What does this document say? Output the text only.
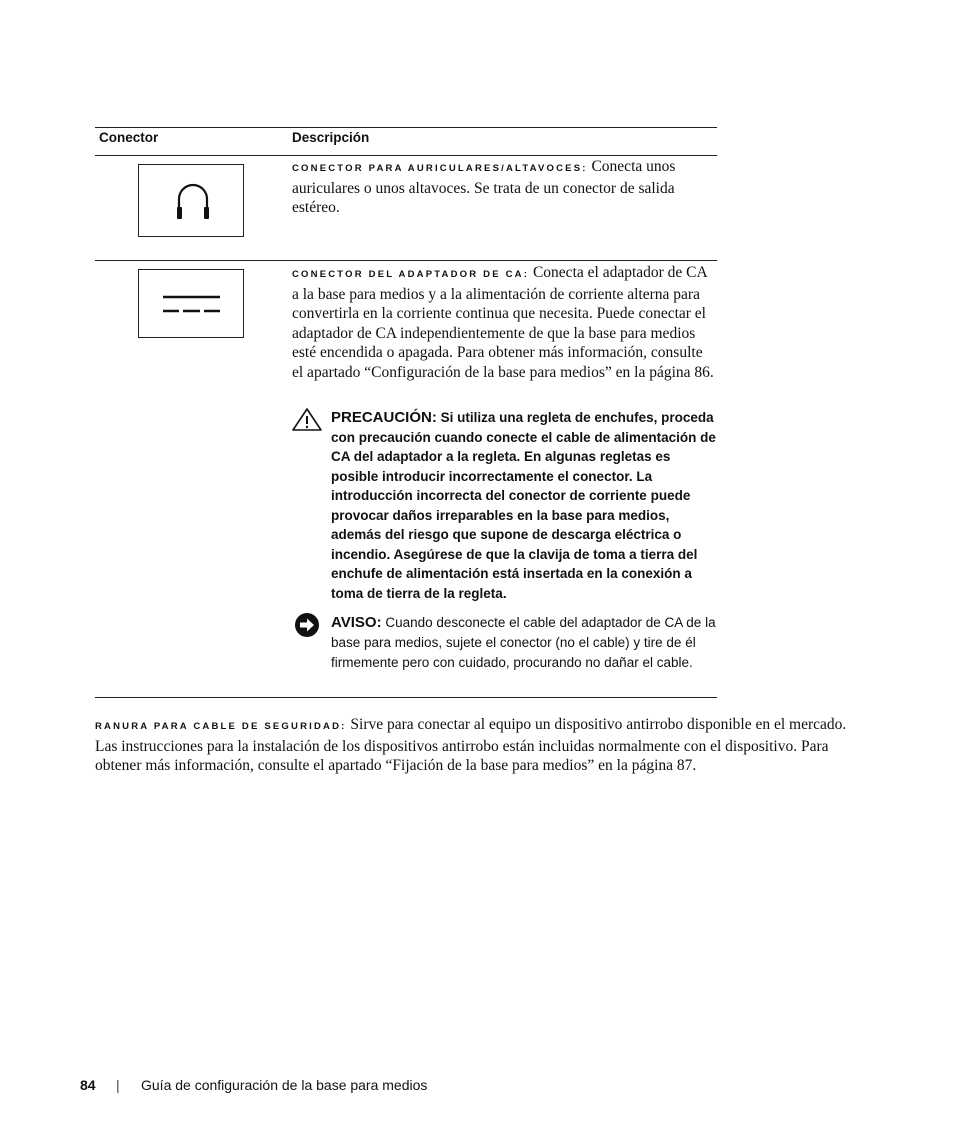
Conector	Descripción
CONECTOR PARA AURICULARES/ALTAVOCES: Conecta unos auriculares o unos altavoces. Se trata de un conector de salida estéreo.
CONECTOR DEL ADAPTADOR DE CA: Conecta el adaptador de CA a la base para medios y a la alimentación de corriente alterna para convertirla en la corriente continua que necesita. Puede conectar el adaptador de CA independientemente de que la base para medios esté encendida o apagada. Para obtener más información, consulte el apartado “Configuración de la base para medios” en la página 86.
PRECAUCIÓN: Si utiliza una regleta de enchufes, proceda con precaución cuando conecte el cable de alimentación de CA del adaptador a la regleta. En algunas regletas es posible introducir incorrectamente el conector. La introducción incorrecta del conector de corriente puede provocar daños irreparables en la base para medios, además del riesgo que supone de descarga eléctrica o incendio. Asegúrese de que la clavija de toma a tierra del enchufe de alimentación está insertada en la conexión a toma de tierra de la regleta.
AVISO: Cuando desconecte el cable del adaptador de CA de la base para medios, sujete el conector (no el cable) y tire de él firmemente pero con cuidado, procurando no dañar el cable.
RANURA PARA CABLE DE SEGURIDAD: Sirve para conectar al equipo un dispositivo antirrobo disponible en el mercado. Las instrucciones para la instalación de los dispositivos antirrobo están incluidas normalmente con el dispositivo. Para obtener más información, consulte el apartado “Fijación de la base para medios” en la página 87.
84 | Guía de configuración de la base para medios
